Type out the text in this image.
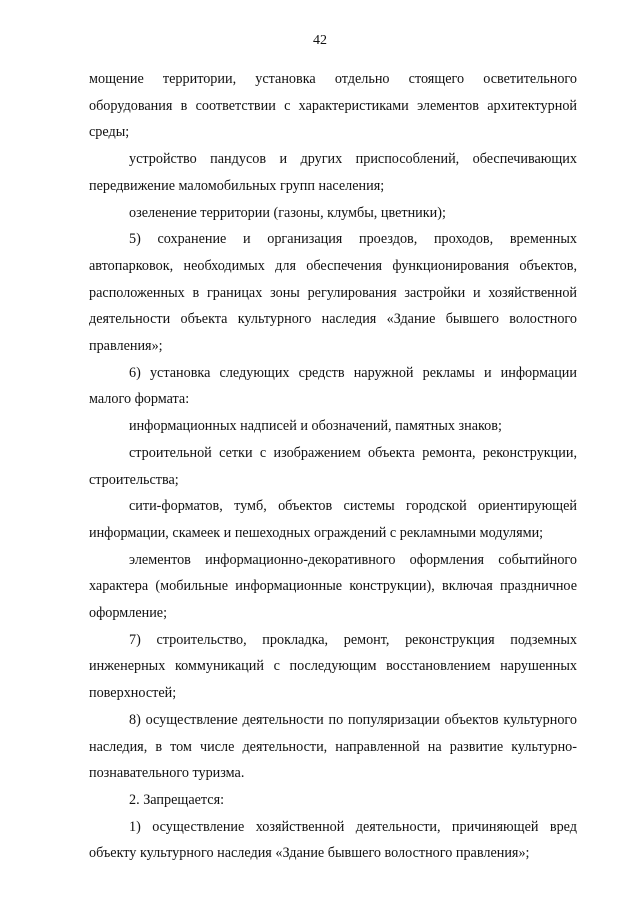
42

мощение территории, установка отдельно стоящего осветительного оборудования в соответствии с характеристиками элементов архитектурной среды;

устройство пандусов и других приспособлений, обеспечивающих передвижение маломобильных групп населения;

озеленение территории (газоны, клумбы, цветники);

5) сохранение и организация проездов, проходов, временных автопарковок, необходимых для обеспечения функционирования объектов, расположенных в границах зоны регулирования застройки и хозяйственной деятельности объекта культурного наследия «Здание бывшего волостного правления»;

6) установка следующих средств наружной рекламы и информации малого формата:

информационных надписей и обозначений, памятных знаков;

строительной сетки с изображением объекта ремонта, реконструкции, строительства;

сити-форматов, тумб, объектов системы городской ориентирующей информации, скамеек и пешеходных ограждений с рекламными модулями;

элементов информационно-декоративного оформления событийного характера (мобильные информационные конструкции), включая праздничное оформление;

7) строительство, прокладка, ремонт, реконструкция подземных инженерных коммуникаций с последующим восстановлением нарушенных поверхностей;

8) осуществление деятельности по популяризации объектов культурного наследия, в том числе деятельности, направленной на развитие культурно-познавательного туризма.

2. Запрещается:

1) осуществление хозяйственной деятельности, причиняющей вред объекту культурного наследия «Здание бывшего волостного правления»;
